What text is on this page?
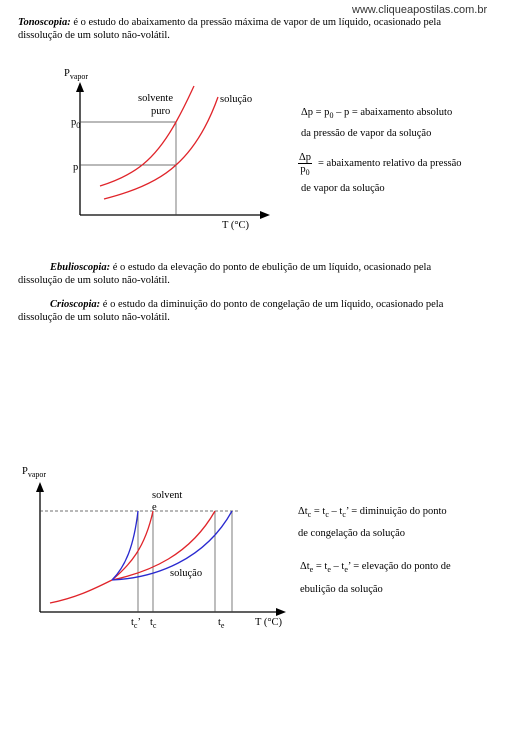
www.cliqueapostilas.com.br
Tonoscopia: é o estudo do abaixamento da pressão máxima de vapor de um líquido, ocasionado pela
dissolução de um soluto não-volátil.
$P_{vapor}$
solvente
puro
solução
$p_0$
p
T (°C)
$\Delta p = p_0 - p$ = abaixamento absoluto
da pressão de vapor da solução
$\frac{\Delta p}{p_0}$ = abaixamento relativo da pressão
de vapor da solução
Ebulioscopia: é o estudo da elevação do ponto de ebulição de um líquido, ocasionado pela
dissolução de um soluto não-volátil.
Crioscopia: é o estudo da diminuição do ponto de congelação de um líquido, ocasionado pela
dissolução de um soluto não-volátil.
$P_{vapor}$
solvent
e
solução
$t_c$’ $t_c$	$t_e$	T (°C)
$\Delta t_c = t_c - t_c$’ = diminuição do ponto
de congelação da solução
$\Delta t_e = t_e - t_e$’ = elevação do ponto de
ebulição da solução
